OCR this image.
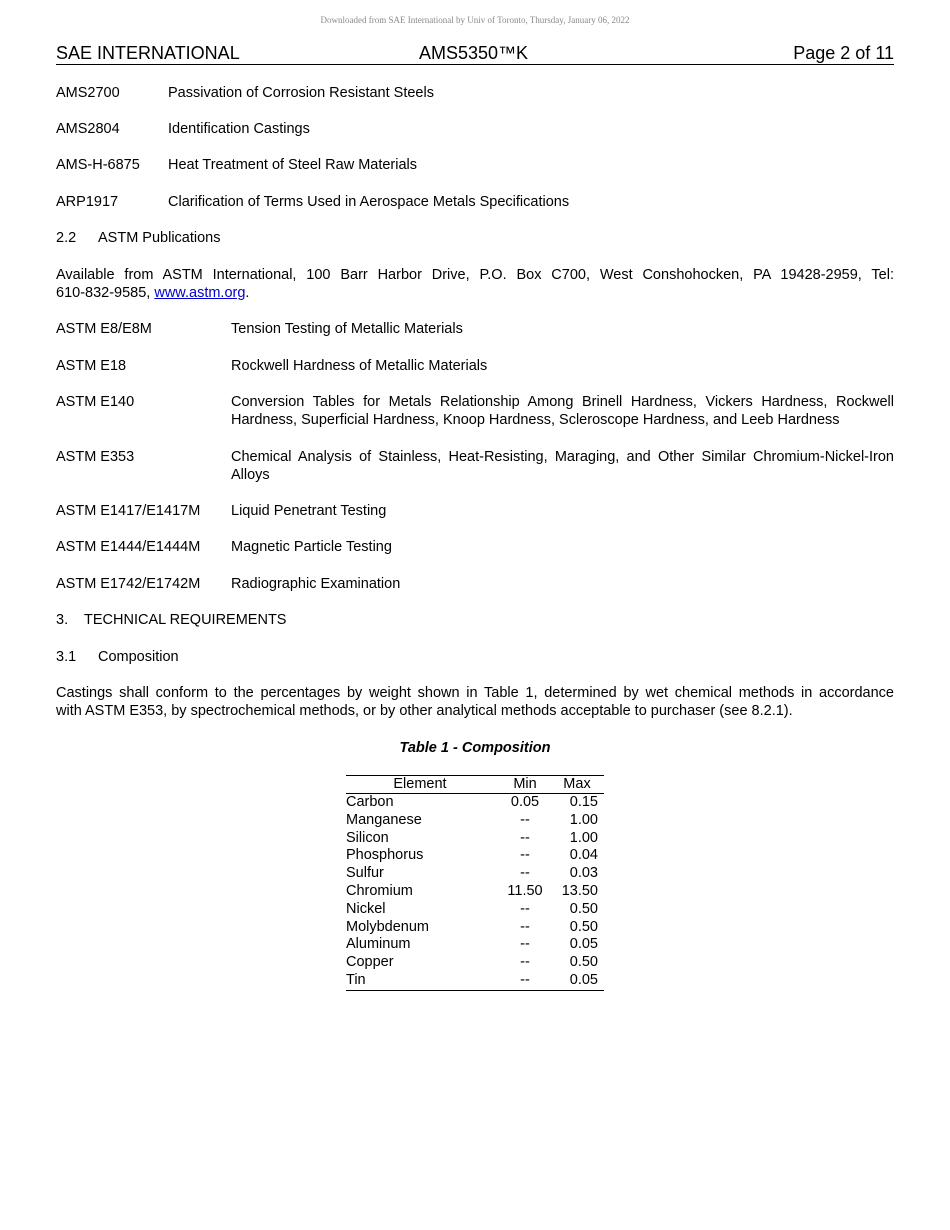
Downloaded from SAE International by Univ of Toronto, Thursday, January 06, 2022
SAE INTERNATIONAL	AMS5350™K	Page 2 of 11
AMS2700	Passivation of Corrosion Resistant Steels
AMS2804	Identification Castings
AMS-H-6875 Heat Treatment of Steel Raw Materials
ARP1917	Clarification of Terms Used in Aerospace Metals Specifications
2.2 ASTM Publications
Available from ASTM International, 100 Barr Harbor Drive, P.O. Box C700, West Conshohocken, PA 19428-2959, Tel:
610-832-9585, www.astm.org.
ASTM E8/E8M	Tension Testing of Metallic Materials
ASTM E18	Rockwell Hardness of Metallic Materials
ASTM E140	Conversion Tables for Metals Relationship Among Brinell Hardness, Vickers Hardness, Rockwell Hardness, Superficial Hardness, Knoop Hardness, Scleroscope Hardness, and Leeb Hardness
ASTM E353	Chemical Analysis of Stainless, Heat-Resisting, Maraging, and Other Similar Chromium-Nickel-Iron Alloys
ASTM E1417/E1417M Liquid Penetrant Testing
ASTM E1444/E1444M Magnetic Particle Testing
ASTM E1742/E1742M Radiographic Examination
3. TECHNICAL REQUIREMENTS
3.1 Composition
Castings shall conform to the percentages by weight shown in Table 1, determined by wet chemical methods in accordance
with ASTM E353, by spectrochemical methods, or by other analytical methods acceptable to purchaser (see 8.2.1).
Table 1 - Composition
Element	Min	Max
Carbon	0.05	0.15
Manganese	--	1.00
Silicon	--	1.00
Phosphorus	--	0.04
Sulfur	--	0.03
Chromium	11.50	13.50
Nickel	--	0.50
Molybdenum	--	0.50
Aluminum	--	0.05
Copper	--	0.50
Tin	--	0.05
